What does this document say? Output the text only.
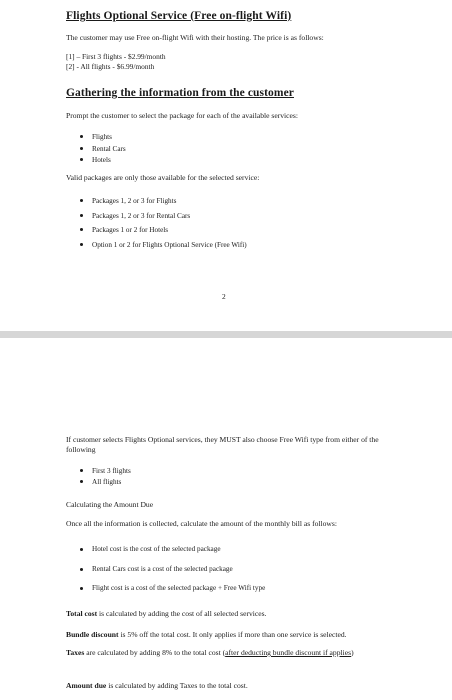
Flights Optional Service (Free on-flight Wifi)
The customer may use Free on-flight Wifi with their hosting. The price is as follows:
[1] – First 3 flights - $2.99/month
[2] - All flights - $6.99/month
Gathering the information from the customer
Prompt the customer to select the package for each of the available services:
Flights
Rental Cars
Hotels
Valid packages are only those available for the selected service:
Packages 1, 2 or 3 for Flights
Packages 1, 2 or 3 for Rental Cars
Packages 1 or 2 for Hotels
Option 1 or 2 for Flights Optional Service (Free Wifi)
2
If customer selects Flights Optional services, they MUST also choose Free Wifi type from either of the following
First 3 flights
All flights
Calculating the Amount Due
Once all the information is collected, calculate the amount of the monthly bill as follows:
Hotel cost is the cost of the selected package
Rental Cars cost is a cost of the selected package
Flight cost is a cost of the selected package + Free Wifi type
Total cost is calculated by adding the cost of all selected services.
Bundle discount is 5% off the total cost. It only applies if more than one service is selected.
Taxes are calculated by adding 8% to the total cost (after deducting bundle discount if applies)
Amount due is calculated by adding Taxes to the total cost.
